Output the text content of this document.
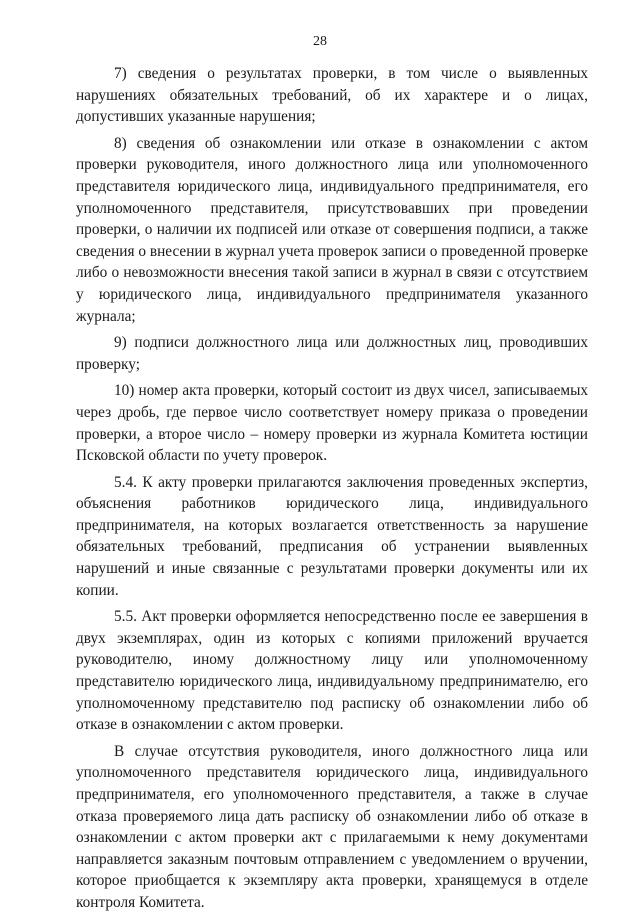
28

7) сведения о результатах проверки, в том числе о выявленных нарушениях обязательных требований, об их характере и о лицах, допустивших указанные нарушения;

8) сведения об ознакомлении или отказе в ознакомлении с актом проверки руководителя, иного должностного лица или уполномоченного представителя юридического лица, индивидуального предпринимателя, его уполномоченного представителя, присутствовавших при проведении проверки, о наличии их подписей или отказе от совершения подписи, а также сведения о внесении в журнал учета проверок записи о проведенной проверке либо о невозможности внесения такой записи в журнал в связи с отсутствием у юридического лица, индивидуального предпринимателя указанного журнала;

9) подписи должностного лица или должностных лиц, проводивших проверку;

10) номер акта проверки, который состоит из двух чисел, записываемых через дробь, где первое число соответствует номеру приказа о проведении проверки, а второе число – номеру проверки из журнала Комитета юстиции Псковской области по учету проверок.

5.4. К акту проверки прилагаются заключения проведенных экспертиз, объяснения работников юридического лица, индивидуального предпринимателя, на которых возлагается ответственность за нарушение обязательных требований, предписания об устранении выявленных нарушений и иные связанные с результатами проверки документы или их копии.

5.5. Акт проверки оформляется непосредственно после ее завершения в двух экземплярах, один из которых с копиями приложений вручается руководителю, иному должностному лицу или уполномоченному представителю юридического лица, индивидуальному предпринимателю, его уполномоченному представителю под расписку об ознакомлении либо об отказе в ознакомлении с актом проверки.

В случае отсутствия руководителя, иного должностного лица или уполномоченного представителя юридического лица, индивидуального предпринимателя, его уполномоченного представителя, а также в случае отказа проверяемого лица дать расписку об ознакомлении либо об отказе в ознакомлении с актом проверки акт с прилагаемыми к нему документами направляется заказным почтовым отправлением с уведомлением о вручении, которое приобщается к экземпляру акта проверки, хранящемуся в отделе контроля Комитета.
